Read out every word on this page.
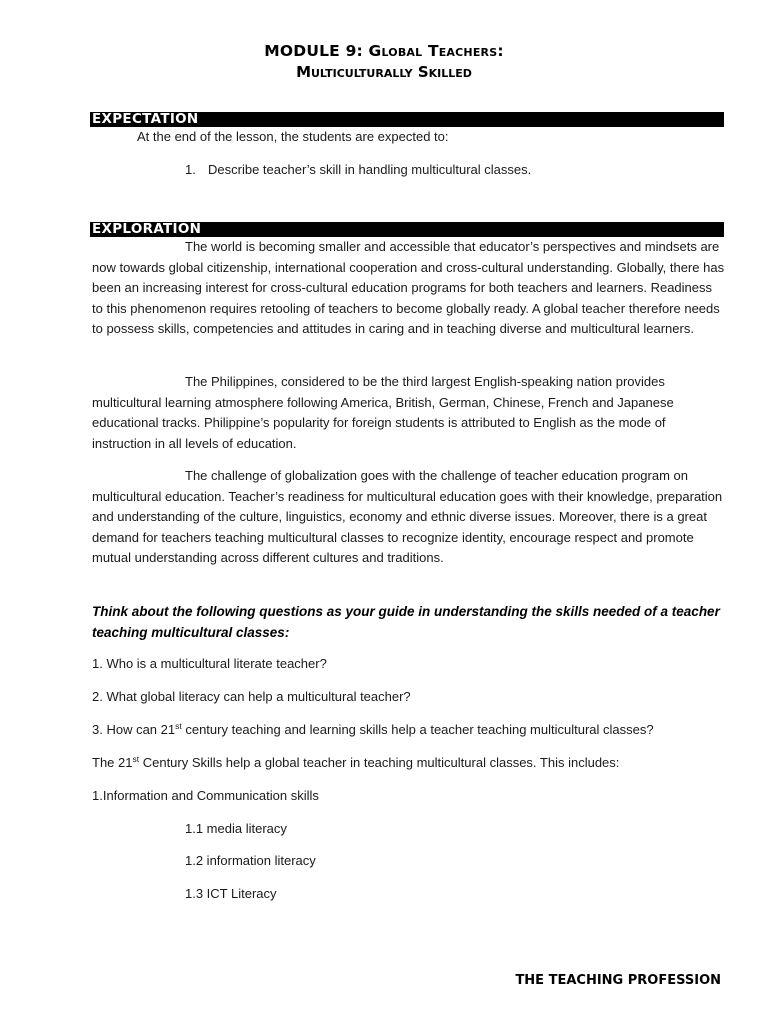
MODULE 9: Global Teachers:
Multiculturally Skilled
EXPECTATION
At the end of the lesson, the students are expected to:
1. Describe teacher’s skill in handling multicultural classes.
EXPLORATION
The world is becoming smaller and accessible that educator’s perspectives and mindsets are now towards global citizenship, international cooperation and cross-cultural understanding. Globally, there has been an increasing interest for cross-cultural education programs for both teachers and learners. Readiness to this phenomenon requires retooling of teachers to become globally ready. A global teacher therefore needs to possess skills, competencies and attitudes in caring and in teaching diverse and multicultural learners.
The Philippines, considered to be the third largest English-speaking nation provides multicultural learning atmosphere following America, British, German, Chinese, French and Japanese educational tracks. Philippine’s popularity for foreign students is attributed to English as the mode of instruction in all levels of education.
The challenge of globalization goes with the challenge of teacher education program on multicultural education. Teacher’s readiness for multicultural education goes with their knowledge, preparation and understanding of the culture, linguistics, economy and ethnic diverse issues. Moreover, there is a great demand for teachers teaching multicultural classes to recognize identity, encourage respect and promote mutual understanding across different cultures and traditions.
Think about the following questions as your guide in understanding the skills needed of a teacher teaching multicultural classes:
1. Who is a multicultural literate teacher?
2. What global literacy can help a multicultural teacher?
3. How can 21st century teaching and learning skills help a teacher teaching multicultural classes?
The 21st Century Skills help a global teacher in teaching multicultural classes. This includes:
1.Information and Communication skills
1.1 media literacy
1.2 information literacy
1.3 ICT Literacy
THE TEACHING PROFESSION
